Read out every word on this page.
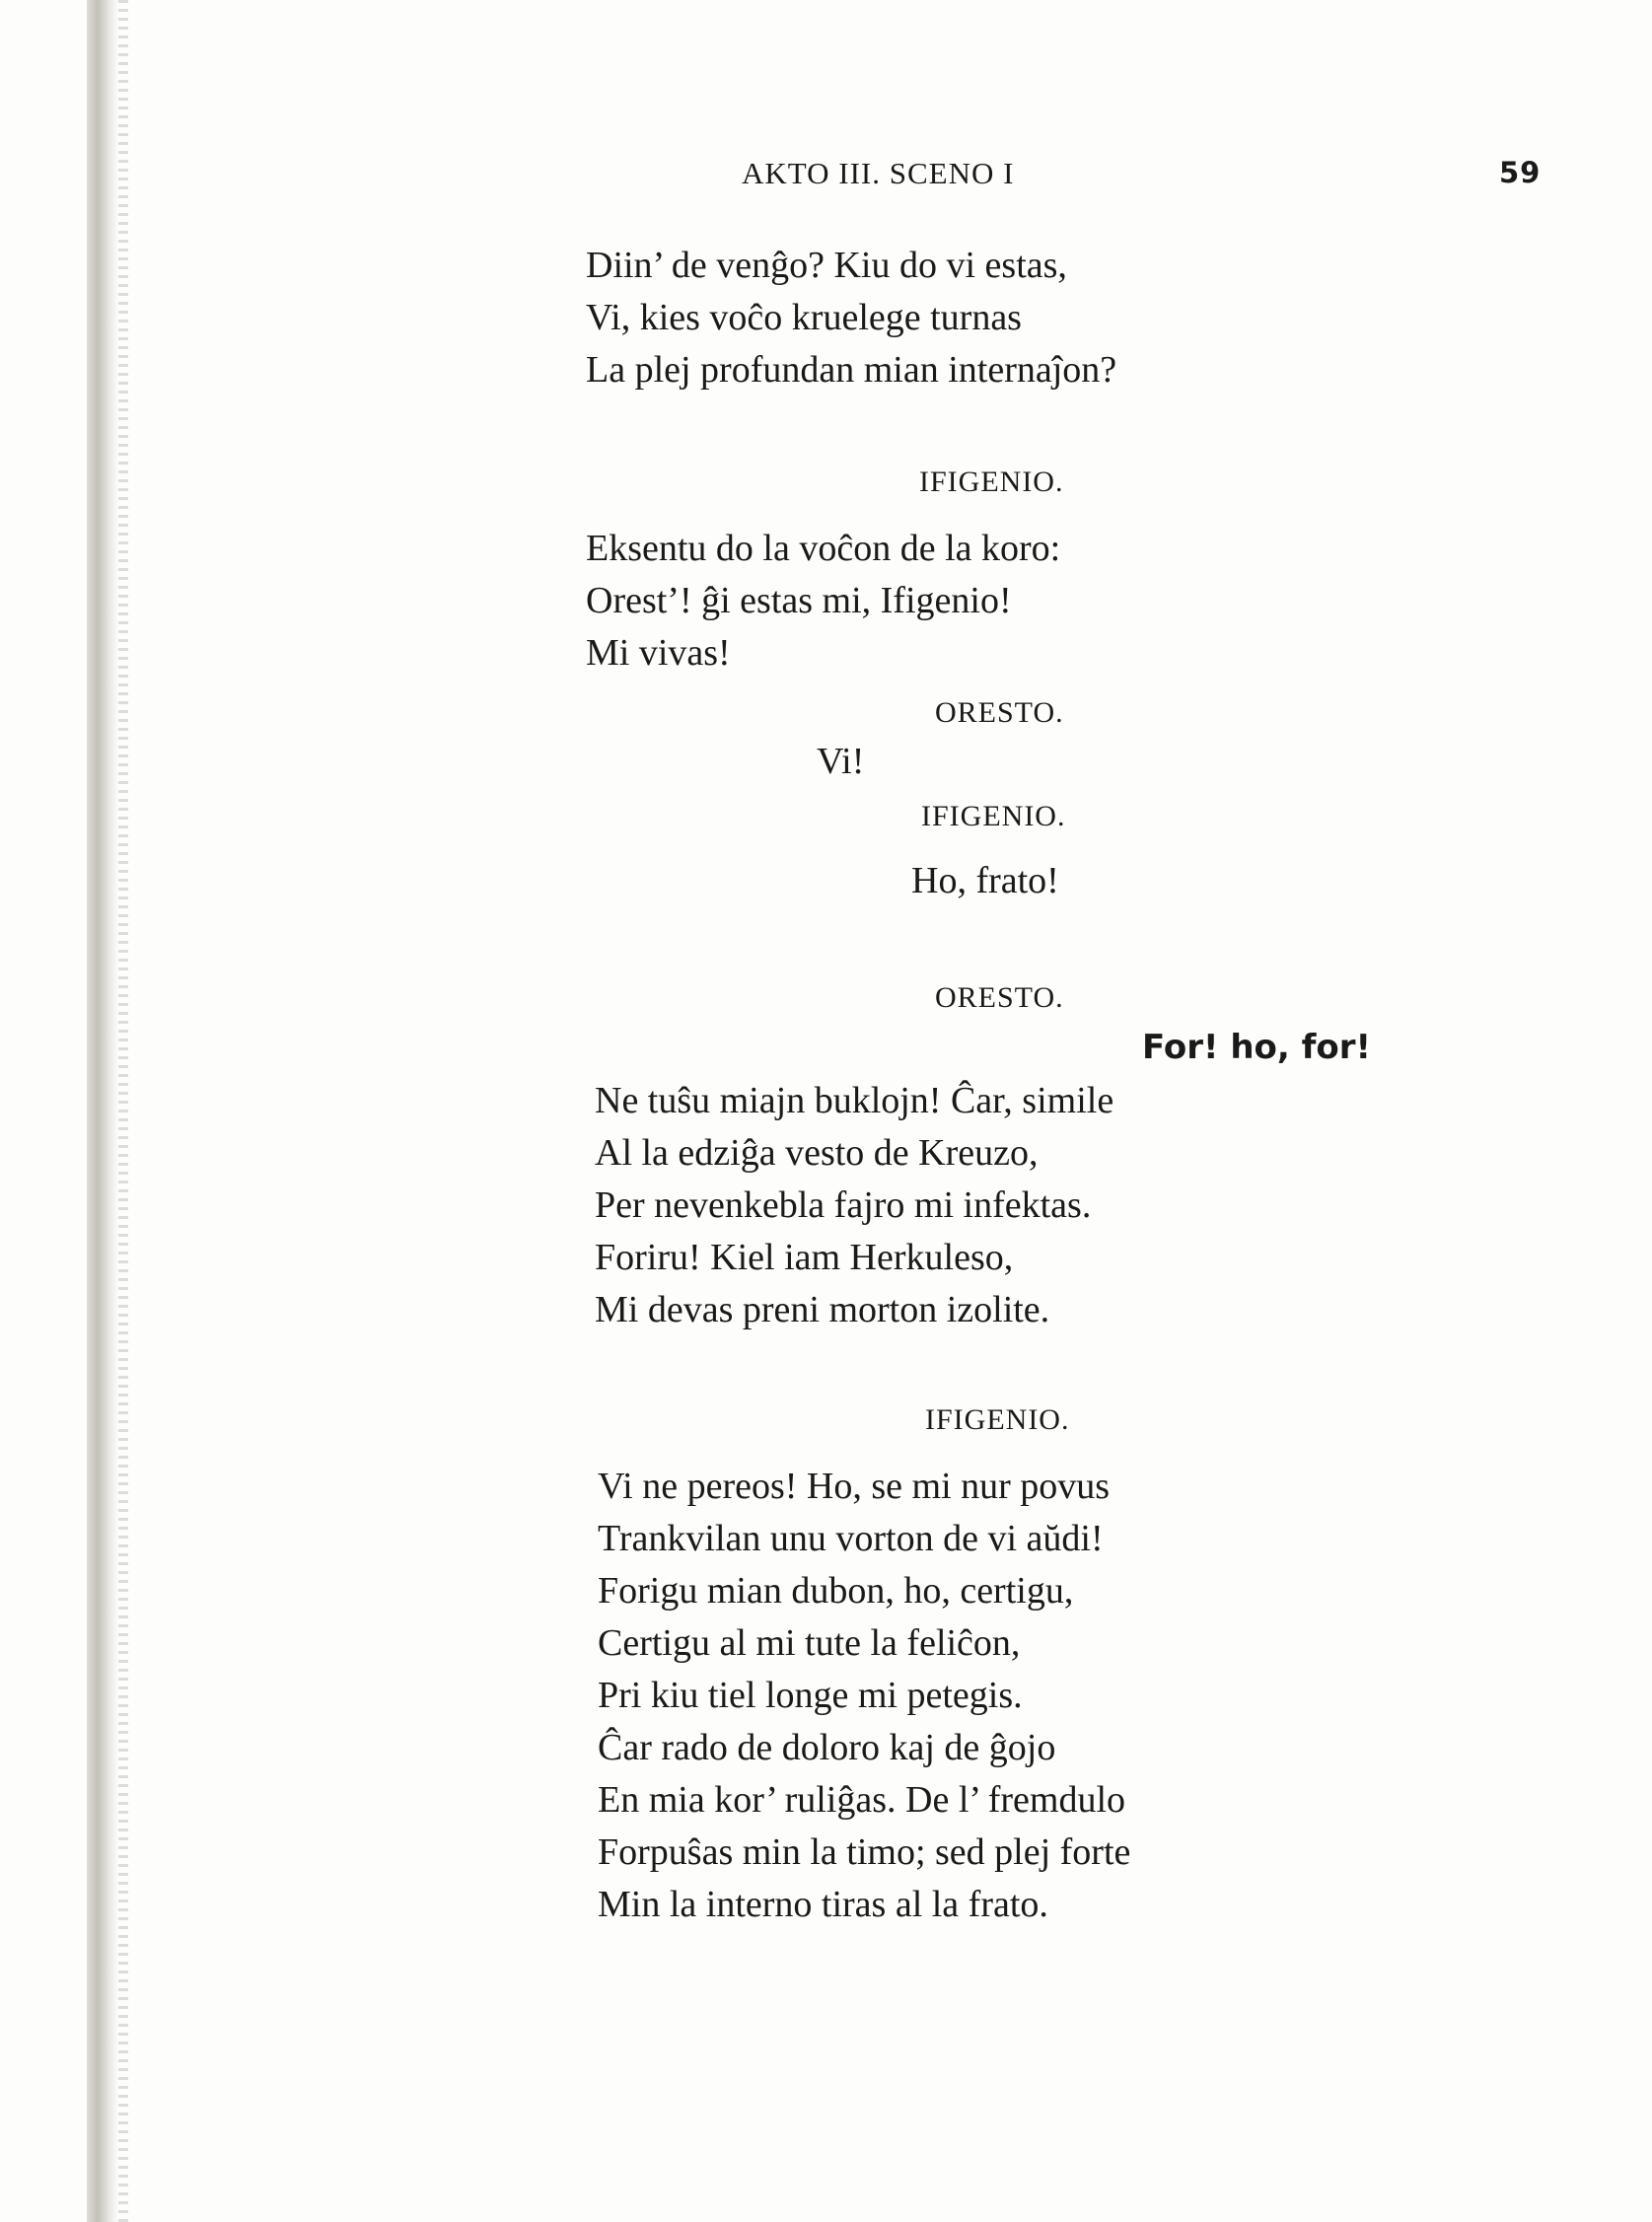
AKTO III. SCENO I	59
Diin’ de venĝo? Kiu do vi estas,
Vi, kies voĉo kruelege turnas
La plej profundan mian internaĵon?
IFIGENIO.
Eksentu do la voĉon de la koro:
Orest’! ĝi estas mi, Ifigenio!
Mi vivas!
ORESTO.
Vi!
IFIGENIO.
Ho, frato!
ORESTO.
For! ho, for!
Ne tuŝu miajn buklojn! Ĉar, simile
Al la edziĝa vesto de Kreuzo,
Per nevenkebla fajro mi infektas.
Foriru! Kiel iam Herkuleso,
Mi devas preni morton izolite.
IFIGENIO.
Vi ne pereos! Ho, se mi nur povus
Trankvilan unu vorton de vi aŭdi!
Forigu mian dubon, ho, certigu,
Certigu al mi tute la feliĉon,
Pri kiu tiel longe mi petegis.
Ĉar rado de doloro kaj de ĝojo
En mia kor’ ruliĝas. De l’ fremdulo
Forpuŝas min la timo; sed plej forte
Min la interno tiras al la frato.
